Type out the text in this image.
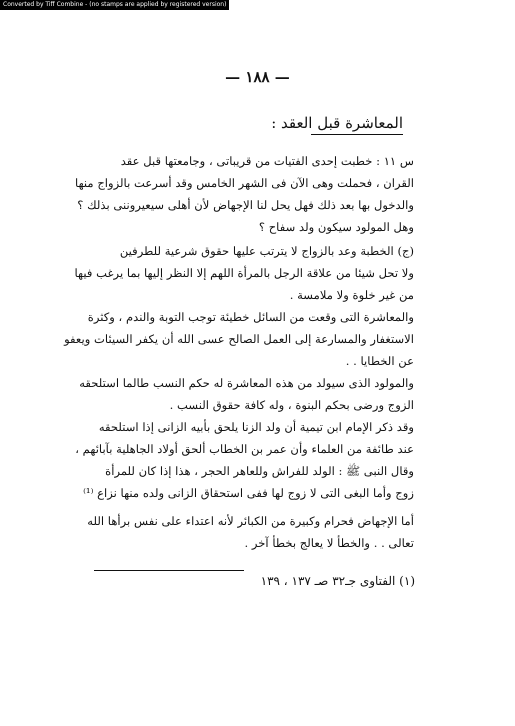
Converted by Tiff Combine - (no stamps are applied by registered version)
— ١٨٨ —
المعاشرة قبل العقد :
س ١١ : خطبت إحدى الفتيات من قريباتى ، وجامعتها قبل عقد
القران ، فحملت وهى الآن فى الشهر الخامس وقد أسرعت بالزواج منها
والدخول بها بعد ذلك فهل يحل لنا الإجهاض لأن أهلى سيعيروننى بذلك ؟
وهل المولود سيكون ولد سفاح ؟
(ج) الخطبة وعد بالزواج لا يترتب عليها حقوق شرعية للطرفين
ولا تحل شيئا من علاقة الرجل بالمرأة اللهم إلا النظر إليها بما يرغب فيها
من غير خلوة ولا ملامسة .
والمعاشرة التى وقعت من السائل خطيئة توجب التوبة والندم ، وكثرة
الاستغفار والمسارعة إلى العمل الصالح عسى الله أن يكفر السيئات ويعفو
عن الخطايا . .
والمولود الذى سيولد من هذه المعاشرة له حكم النسب طالما استلحقه
الزوج ورضى بحكم البنوة ، وله كافة حقوق النسب .
وقد ذكر الإمام ابن تيمية أن ولد الزنا يلحق بأبيه الزانى إذا استلحقه
عند طائفة من العلماء وأن عمر بن الخطاب ألحق أولاد الجاهلية بآبائهم ،
وقال النبى ﷺ : الولد للفراش وللعاهر الحجر ، هذا إذا كان للمرأة
زوج وأما البغى التى لا زوج لها ففى استحقاق الزانى ولده منها نزاع ⁽¹⁾
أما الإجهاض فحرام وكبيرة من الكبائر لأنه اعتداء على نفس برأها الله
تعالى . . والخطأ لا يعالج بخطأ آخر .
(١) الفتاوى جـ٣٢ صـ ١٣٧ ، ١٣٩
